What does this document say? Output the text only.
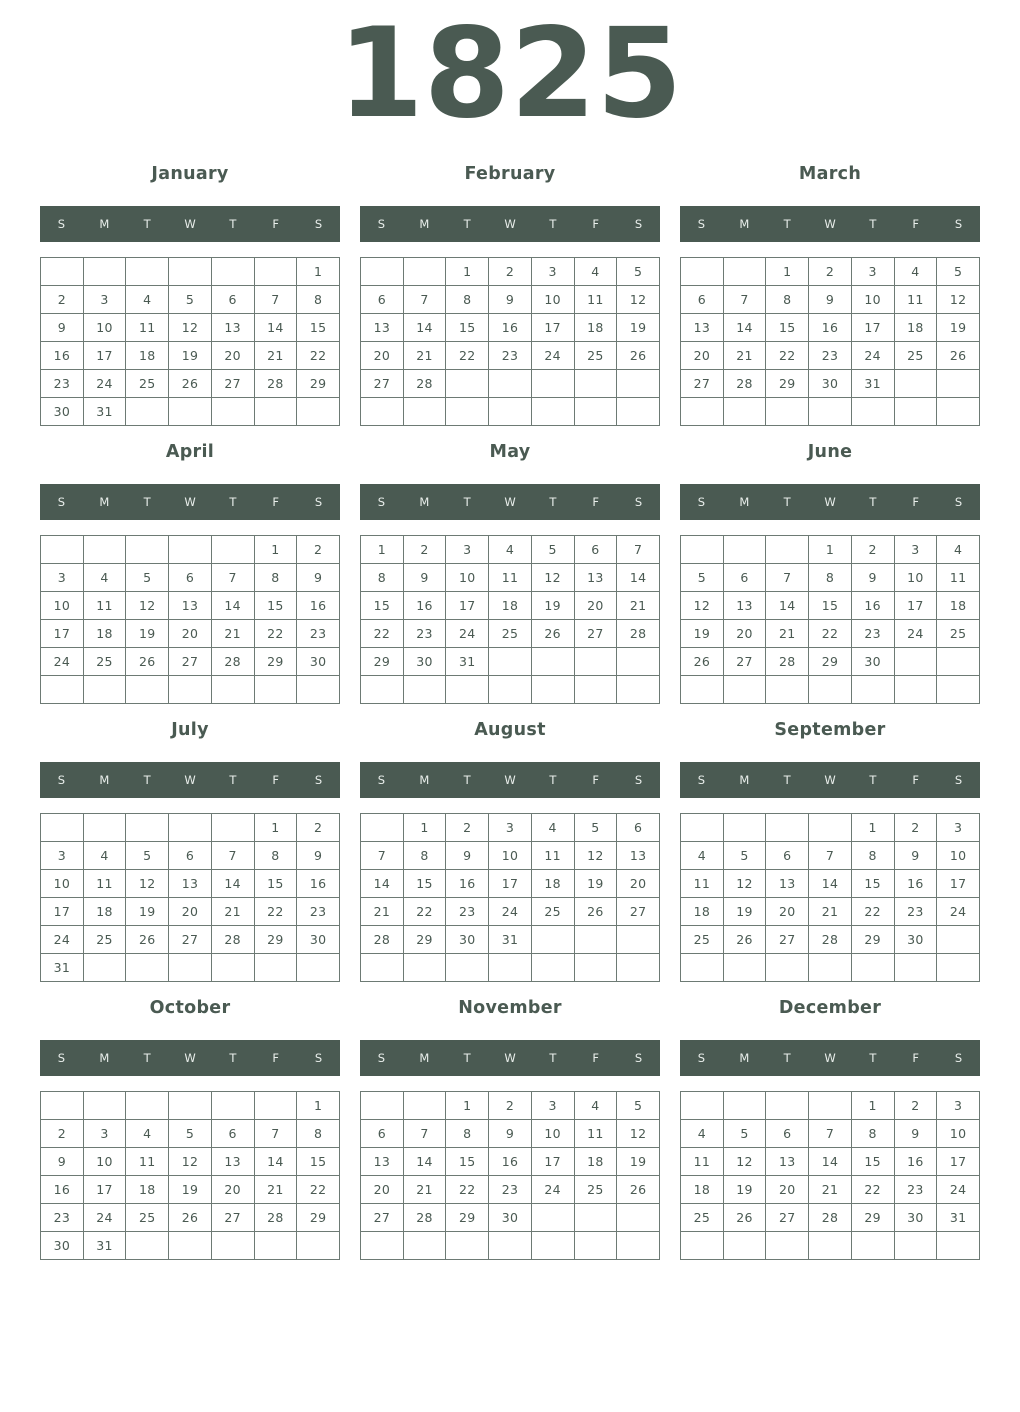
1825
January
S	M	T	W	T	F	S
						1
2	3	4	5	6	7	8
9	10	11	12	13	14	15
16	17	18	19	20	21	22
23	24	25	26	27	28	29
30	31					
February
S	M	T	W	T	F	S
		1	2	3	4	5
6	7	8	9	10	11	12
13	14	15	16	17	18	19
20	21	22	23	24	25	26
27	28					

March
S	M	T	W	T	F	S
		1	2	3	4	5
6	7	8	9	10	11	12
13	14	15	16	17	18	19
20	21	22	23	24	25	26
27	28	29	30	31		

April
S	M	T	W	T	F	S
					1	2
3	4	5	6	7	8	9
10	11	12	13	14	15	16
17	18	19	20	21	22	23
24	25	26	27	28	29	30

May
S	M	T	W	T	F	S
1	2	3	4	5	6	7
8	9	10	11	12	13	14
15	16	17	18	19	20	21
22	23	24	25	26	27	28
29	30	31				

June
S	M	T	W	T	F	S
			1	2	3	4
5	6	7	8	9	10	11
12	13	14	15	16	17	18
19	20	21	22	23	24	25
26	27	28	29	30		

July
S	M	T	W	T	F	S
					1	2
3	4	5	6	7	8	9
10	11	12	13	14	15	16
17	18	19	20	21	22	23
24	25	26	27	28	29	30
31						
August
S	M	T	W	T	F	S
	1	2	3	4	5	6
7	8	9	10	11	12	13
14	15	16	17	18	19	20
21	22	23	24	25	26	27
28	29	30	31			

September
S	M	T	W	T	F	S
				1	2	3
4	5	6	7	8	9	10
11	12	13	14	15	16	17
18	19	20	21	22	23	24
25	26	27	28	29	30	

October
S	M	T	W	T	F	S
						1
2	3	4	5	6	7	8
9	10	11	12	13	14	15
16	17	18	19	20	21	22
23	24	25	26	27	28	29
30	31					
November
S	M	T	W	T	F	S
		1	2	3	4	5
6	7	8	9	10	11	12
13	14	15	16	17	18	19
20	21	22	23	24	25	26
27	28	29	30			

December
S	M	T	W	T	F	S
				1	2	3
4	5	6	7	8	9	10
11	12	13	14	15	16	17
18	19	20	21	22	23	24
25	26	27	28	29	30	31
